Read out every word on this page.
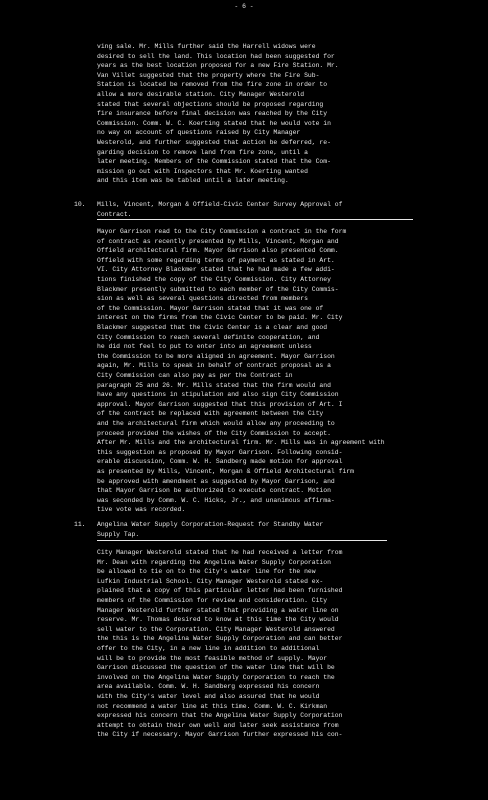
- 6 -
ving sale. Mr. Mills further said the Harrell widows were
desired to sell the land. This location had been suggested for
years as the best location proposed for a new Fire Station. Mr.
Van Villet suggested that the property where the Fire Sub-
Station is located be removed from the fire zone in order to
allow a more desirable station. City Manager Westerold
stated that several objections should be proposed regarding
fire insurance before final decision was reached by the City
Commission. Comm. W. C. Koerting stated that he would vote in
no way on account of questions raised by City Manager
Westerold, and further suggested that action be deferred, re-
garding decision to remove land from fire zone, until a
later meeting. Members of the Commission stated that the Com-
mission go out with Inspectors that Mr. Koerting wanted
and this item was be tabled until a later meeting.
10. Mills, Vincent, Morgan & Offield-Civic Center Survey Approval of
Contract.
Mayor Garrison read to the City Commission a contract in the form
of contract as recently presented by Mills, Vincent, Morgan and
Offield architectural firm. Mayor Garrison also presented Comm.
Offield with some regarding terms of payment as stated in Art.
VI. City Attorney Blackmer stated that he had made a few addi-
tions finished the copy of the City Commission. City Attorney
Blackmer presently submitted to each member of the City Commis-
sion as well as several questions directed from members
of the Commission. Mayor Garrison stated that it was one of
interest on the firms from the Civic Center to be paid. Mr. City
Blackmer suggested that the Civic Center is a clear and good
City Commission to reach several definite cooperation, and
he did not feel to put to enter into an agreement unless
the Commission to be more aligned in agreement. Mayor Garrison
again, Mr. Mills to speak in behalf of contract proposal as a
City Commission can also pay as per the Contract in
paragraph 25 and 26. Mr. Mills stated that the firm would and
have any questions in stipulation and also sign City Commission
approval. Mayor Garrison suggested that this provision of Art. I
of the contract be replaced with agreement between the City
and the architectural firm which would allow any proceeding to
proceed provided the wishes of the City Commission to accept.
After Mr. Mills and the architectural firm. Mr. Mills was in agreement with
this suggestion as proposed by Mayor Garrison. Following consid-
erable discussion, Comm. W. H. Sandberg made motion for approval
as presented by Mills, Vincent, Morgan & Offield Architectural firm
be approved with amendment as suggested by Mayor Garrison, and
that Mayor Garrison be authorized to execute contract. Motion
was seconded by Comm. W. C. Hicks, Jr., and unanimous affirma-
tive vote was recorded.
11. Angelina Water Supply Corporation-Request for Standby Water
Supply Tap.
City Manager Westerold stated that he had received a letter from
Mr. Dean with regarding the Angelina Water Supply Corporation
be allowed to tie on to the City's water line for the new
Lufkin Industrial School. City Manager Westerold stated ex-
plained that a copy of this particular letter had been furnished
members of the Commission for review and consideration. City
Manager Westerold further stated that providing a water line on
reserve. Mr. Thomas desired to know at this time the City would
sell water to the Corporation. City Manager Westerold answered
the this is the Angelina Water Supply Corporation and can better
offer to the City, in a new line in addition to additional
will be to provide the most feasible method of supply. Mayor
Garrison discussed the question of the water line that will be
involved on the Angelina Water Supply Corporation to reach the
area available. Comm. W. H. Sandberg expressed his concern
with the City's water level and also assured that he would
not recommend a water line at this time. Comm. W. C. Kirkman
expressed his concern that the Angelina Water Supply Corporation
attempt to obtain their own well and later seek assistance from
the City if necessary. Mayor Garrison further expressed his con-
